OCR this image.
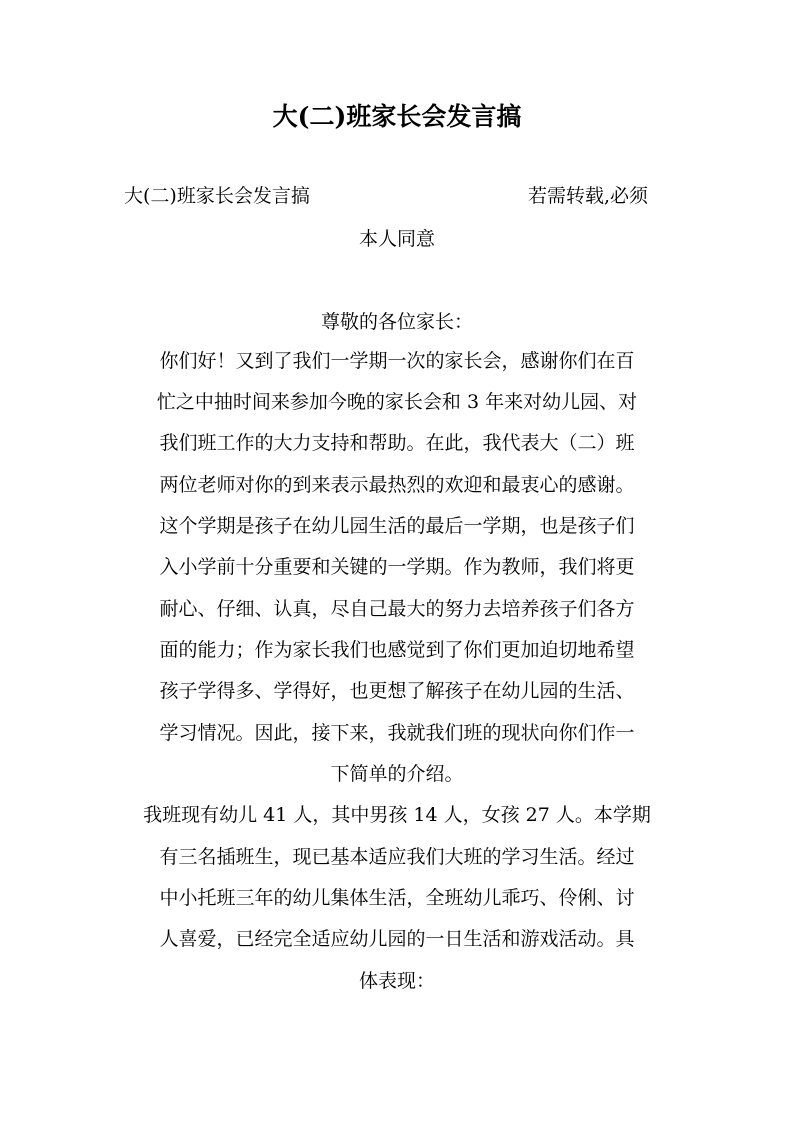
大(二)班家长会发言搞
大(二)班家长会发言搞	若需转载,必须
本人同意
尊敬的各位家长：
你们好！又到了我们一学期一次的家长会，感谢你们在百
忙之中抽时间来参加今晚的家长会和 3 年来对幼儿园、对
我们班工作的大力支持和帮助。在此，我代表大（二）班
两位老师对你的到来表示最热烈的欢迎和最衷心的感谢。
这个学期是孩子在幼儿园生活的最后一学期，也是孩子们
入小学前十分重要和关键的一学期。作为教师，我们将更
耐心、仔细、认真，尽自己最大的努力去培养孩子们各方
面的能力；作为家长我们也感觉到了你们更加迫切地希望
孩子学得多、学得好，也更想了解孩子在幼儿园的生活、
学习情况。因此，接下来，我就我们班的现状向你们作一
下简单的介绍。
我班现有幼儿 41 人，其中男孩 14 人，女孩 27 人。本学期
有三名插班生，现已基本适应我们大班的学习生活。经过
中小托班三年的幼儿集体生活，全班幼儿乖巧、伶俐、讨
人喜爱，已经完全适应幼儿园的一日生活和游戏活动。具
体表现：
